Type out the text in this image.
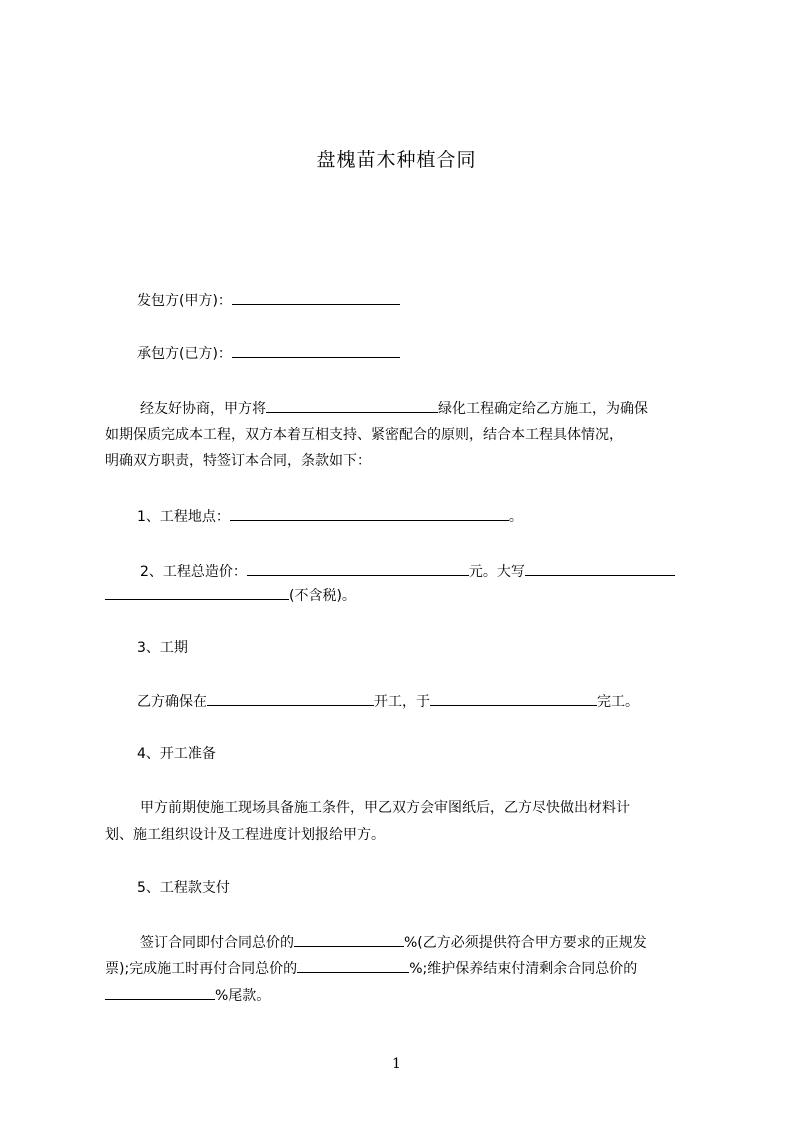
盘槐苗木种植合同
发包方(甲方)：
承包方(已方)：
经友好协商，甲方将	绿化工程确定给乙方施工，为确保
如期保质完成本工程，双方本着互相支持、紧密配合的原则，结合本工程具体情况，
明确双方职责，特签订本合同，条款如下：
1、工程地点：	。
2、工程总造价：	元。大写
(不含税)。
3、工期
乙方确保在	开工，于	完工。
4、开工准备
甲方前期使施工现场具备施工条件，甲乙双方会审图纸后，乙方尽快做出材料计
划、施工组织设计及工程进度计划报给甲方。
5、工程款支付
签订合同即付合同总价的	%(乙方必须提供符合甲方要求的正规发
票);完成施工时再付合同总价的	%;维护保养结束付清剩余合同总价的
%尾款。
1
